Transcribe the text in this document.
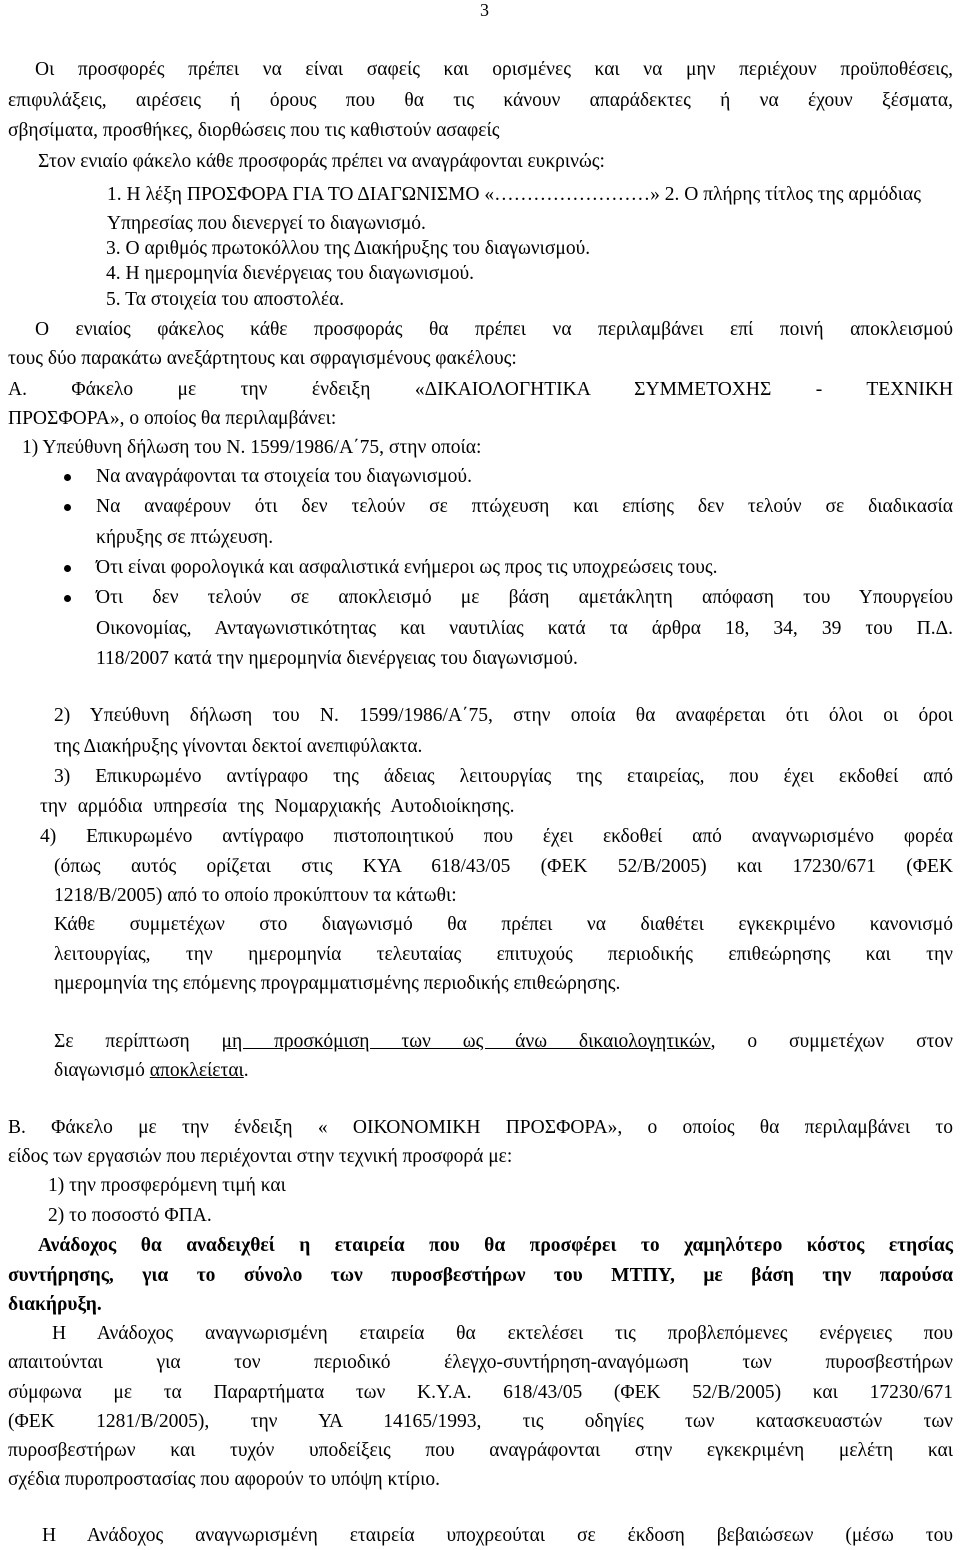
3
Οι προσφορές πρέπει να είναι σαφείς και ορισμένες και να μην περιέχουν προϋποθέσεις,
επιφυλάξεις, αιρέσεις ή όρους που θα τις κάνουν απαράδεκτες ή να έχουν ξέσματα,
σβησίματα, προσθήκες, διορθώσεις που τις καθιστούν ασαφείς
Στον ενιαίο φάκελο κάθε προσφοράς πρέπει να αναγράφονται ευκρινώς:
1. Η λέξη ΠΡΟΣΦΟΡΑ ΓΙΑ ΤΟ ΔΙΑΓΩΝΙΣΜΟ «……………………» 2. Ο πλήρης τίτλος της αρμόδιας Υπηρεσίας που διενεργεί το διαγωνισμό.
3. Ο αριθμός πρωτοκόλλου της Διακήρυξης του διαγωνισμού.
4. Η ημερομηνία διενέργειας του διαγωνισμού.
5. Τα στοιχεία του αποστολέα.
Ο ενιαίος φάκελος κάθε προσφοράς θα πρέπει να περιλαμβάνει επί ποινή αποκλεισμού
τους δύο παρακάτω ανεξάρτητους και σφραγισμένους φακέλους:
Α. Φάκελο με την ένδειξη «ΔΙΚΑΙΟΛΟΓΗΤΙΚΑ ΣΥΜΜΕΤΟΧΗΣ - ΤΕΧΝΙΚΗ
ΠΡΟΣΦΟΡΑ», ο οποίος θα περιλαμβάνει:
1) Υπεύθυνη δήλωση του Ν. 1599/1986/Α΄75, στην οποία:
Να αναγράφονται τα στοιχεία του διαγωνισμού.
Να αναφέρουν ότι δεν τελούν σε πτώχευση και επίσης δεν τελούν σε διαδικασία
κήρυξης σε πτώχευση.
Ότι είναι φορολογικά και ασφαλιστικά ενήμεροι ως προς τις υποχρεώσεις τους.
Ότι δεν τελούν σε αποκλεισμό με βάση αμετάκλητη απόφαση του Υπουργείου
Οικονομίας, Ανταγωνιστικότητας και ναυτιλίας κατά τα άρθρα 18, 34, 39 του Π.Δ.
118/2007 κατά την ημερομηνία διενέργειας του διαγωνισμού.
2) Υπεύθυνη δήλωση του Ν. 1599/1986/Α΄75, στην οποία θα αναφέρεται ότι όλοι οι όροι
της Διακήρυξης γίνονται δεκτοί ανεπιφύλακτα.
3) Επικυρωμένο αντίγραφο της άδειας λειτουργίας της εταιρείας, που έχει εκδοθεί από
την αρμόδια υπηρεσία της Νομαρχιακής Αυτοδιοίκησης.
4) Επικυρωμένο αντίγραφο πιστοποιητικού που έχει εκδοθεί από αναγνωρισμένο φορέα
(όπως αυτός ορίζεται στις ΚΥΑ 618/43/05 (ΦΕΚ 52/Β/2005) και 17230/671 (ΦΕΚ
1218/Β/2005) από το οποίο προκύπτουν τα κάτωθι:
Κάθε συμμετέχων στο διαγωνισμό θα πρέπει να διαθέτει εγκεκριμένο κανονισμό
λειτουργίας, την ημερομηνία τελευταίας επιτυχούς περιοδικής επιθεώρησης και την
ημερομηνία της επόμενης προγραμματισμένης περιοδικής επιθεώρησης.
Σε περίπτωση μη προσκόμιση των ως άνω δικαιολογητικών, ο συμμετέχων στον
διαγωνισμό αποκλείεται.
Β. Φάκελο με την ένδειξη « ΟΙΚΟΝΟΜΙΚΗ ΠΡΟΣΦΟΡΑ», ο οποίος θα περιλαμβάνει το
είδος των εργασιών που περιέχονται στην τεχνική προσφορά με:
1) την προσφερόμενη τιμή και
2) το ποσοστό ΦΠΑ.
Ανάδοχος θα αναδειχθεί η εταιρεία που θα προσφέρει το χαμηλότερο κόστος ετησίας
συντήρησης, για το σύνολο των πυροσβεστήρων του ΜΤΠΥ, με βάση την παρούσα
διακήρυξη.
Η Ανάδοχος αναγνωρισμένη εταιρεία θα εκτελέσει τις προβλεπόμενες ενέργειες που
απαιτούνται για τον περιοδικό έλεγχο-συντήρηση-αναγόμωση των πυροσβεστήρων
σύμφωνα με τα Παραρτήματα των Κ.Υ.Α. 618/43/05 (ΦΕΚ 52/Β/2005) και 17230/671
(ΦΕΚ 1281/Β/2005), την ΥΑ 14165/1993, τις οδηγίες των κατασκευαστών των
πυροσβεστήρων και τυχόν υποδείξεις που αναγράφονται στην εγκεκριμένη μελέτη και
σχέδια πυροπροστασίας που αφορούν το υπόψη κτίριο.
Η Ανάδοχος αναγνωρισμένη εταιρεία υποχρεούται σε έκδοση βεβαιώσεων (μέσω του
